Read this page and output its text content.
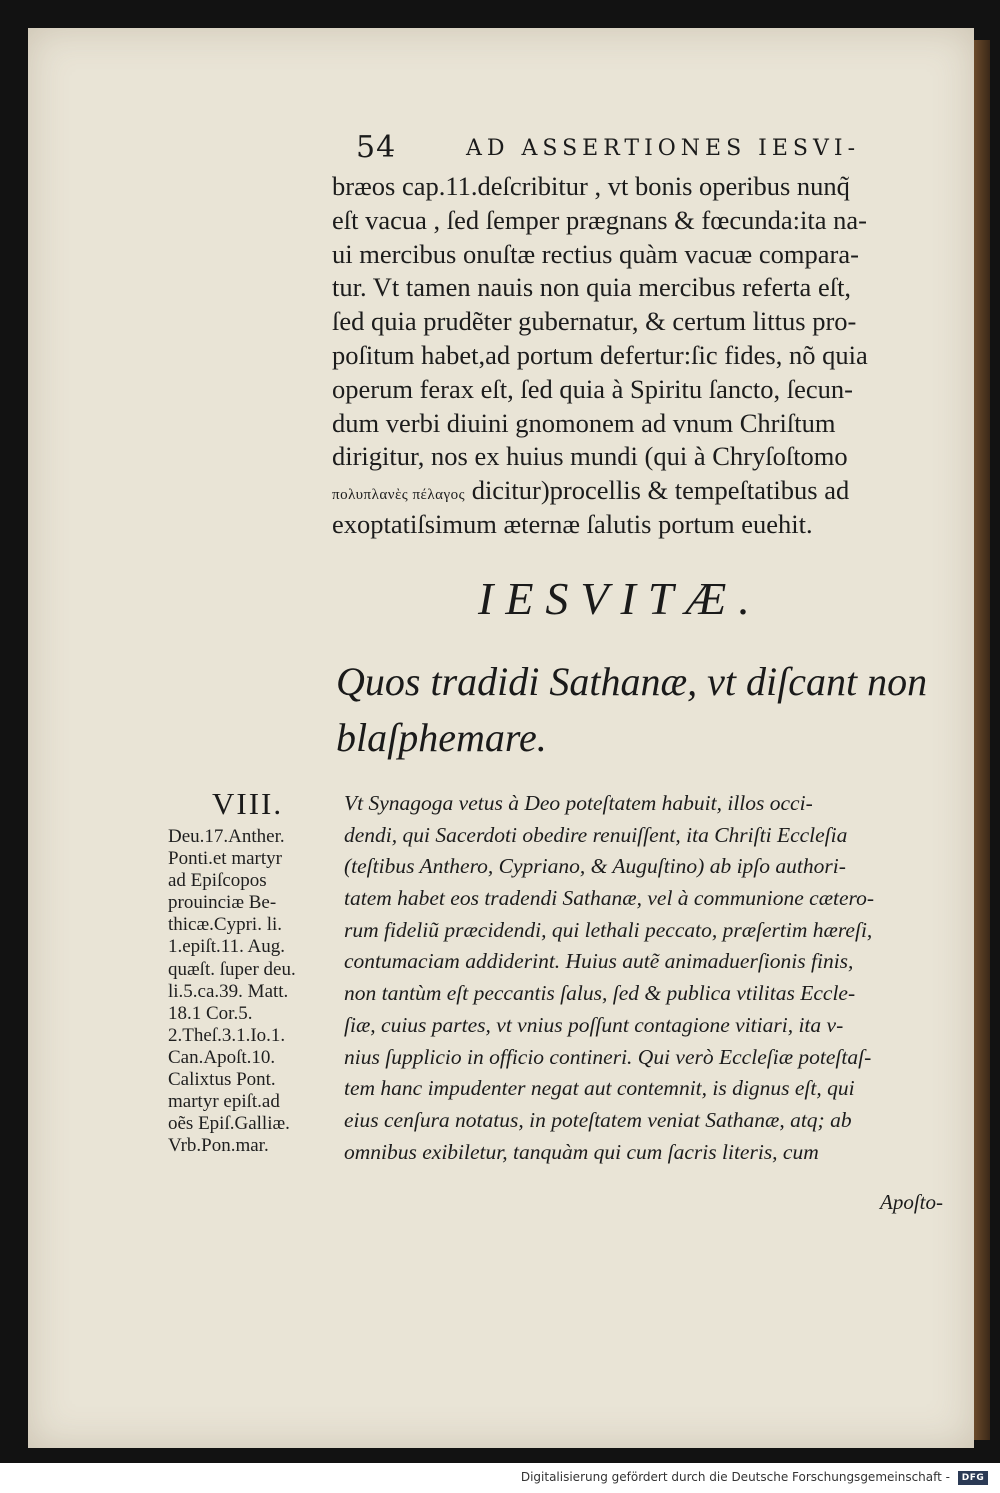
54	AD ASSERTIONES IESVI-
bræos cap.11.deſcribitur , vt bonis operibus nunq̃
eſt vacua , ſed ſemper prægnans & fœcunda:ita na-
ui mercibus onuſtæ rectius quàm vacuæ compara-
tur. Vt tamen nauis non quia mercibus referta eſt,
ſed quia prudẽter gubernatur, & certum littus pro-
poſitum habet,ad portum defertur:ſic fides, nõ quia
operum ferax eſt, ſed quia à Spiritu ſancto, ſecun-
dum verbi diuini gnomonem ad vnum Chriſtum
dirigitur, nos ex huius mundi (qui à Chryſoſtomo
πολυπλανὲς πέλαγος dicitur)procellis & tempeſtatibus ad
exoptatiſsimum æternæ ſalutis portum euehit.
IESVITÆ.
Quos tradidi Sathanæ, vt diſcant non
blaſphemare.
VIII.
Deu.17.Anther.
Ponti.et martyr
ad Epiſcopos
prouinciæ Be-
thicæ.Cypri. li.
1.epiſt.11. Aug.
quæſt. ſuper deu.
li.5.ca.39. Matt.
18.1 Cor.5.
2.Theſ.3.1.Io.1.
Can.Apoſt.10.
Calixtus Pont.
martyr epiſt.ad
oẽs Epiſ.Galliæ.
Vrb.Pon.mar.
Vt Synagoga vetus à Deo poteſtatem habuit, illos occi-
dendi, qui Sacerdoti obedire renuiſſent, ita Chriſti Eccleſia
(teſtibus Anthero, Cypriano, & Auguſtino) ab ipſo authori-
tatem habet eos tradendi Sathanæ, vel à communione cætero-
rum fideliũ præcidendi, qui lethali peccato, præſertim hæreſi,
contumaciam addiderint. Huius autẽ animaduerſionis finis,
non tantùm eſt peccantis ſalus, ſed & publica vtilitas Eccle-
ſiæ, cuius partes, vt vnius poſſunt contagione vitiari, ita v-
nius ſupplicio in officio contineri. Qui verò Eccleſiæ poteſtaſ-
tem hanc impudenter negat aut contemnit, is dignus eſt, qui
eius cenſura notatus, in poteſtatem veniat Sathanæ, atq; ab
omnibus exibiletur, tanquàm qui cum ſacris literis, cum
Apoſto-
Digitalisierung gefördert durch die Deutsche Forschungsgemeinschaft -	DFG
